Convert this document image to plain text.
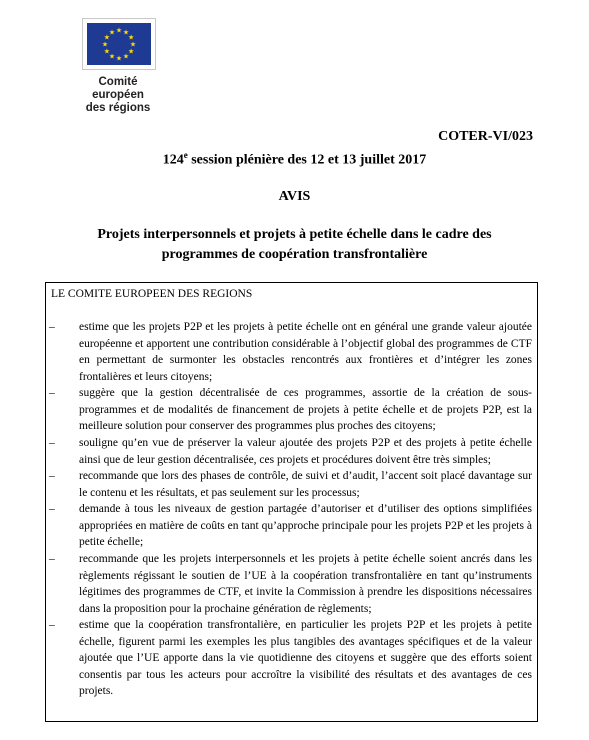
★ ★
★
★
★
★
★
★
★
★
★
★
Comité européen
des régions
COTER-VI/023
124e session plénière des 12 et 13 juillet 2017
AVIS
Projets interpersonnels et projets à petite échelle dans le cadre des
programmes de coopération transfrontalière
LE COMITE EUROPEEN DES REGIONS
– estime que les projets P2P et les projets à petite échelle ont en général une grande valeur ajoutée européenne et apportent une contribution considérable à l’objectif global des programmes de CTF en permettant de surmonter les obstacles rencontrés aux frontières et d’intégrer les zones frontalières et leurs citoyens;
– suggère que la gestion décentralisée de ces programmes, assortie de la création de sous-programmes et de modalités de financement de projets à petite échelle et de projets P2P, est la meilleure solution pour conserver des programmes plus proches des citoyens;
– souligne qu’en vue de préserver la valeur ajoutée des projets P2P et des projets à petite échelle ainsi que de leur gestion décentralisée, ces projets et procédures doivent être très simples;
– recommande que lors des phases de contrôle, de suivi et d’audit, l’accent soit placé davantage sur le contenu et les résultats, et pas seulement sur les processus;
– demande à tous les niveaux de gestion partagée d’autoriser et d’utiliser des options simplifiées appropriées en matière de coûts en tant qu’approche principale pour les projets P2P et les projets à petite échelle;
– recommande que les projets interpersonnels et les projets à petite échelle soient ancrés dans les règlements régissant le soutien de l’UE à la coopération transfrontalière en tant qu’instruments légitimes des programmes de CTF, et invite la Commission à prendre les dispositions nécessaires dans la proposition pour la prochaine génération de règlements;
– estime que la coopération transfrontalière, en particulier les projets P2P et les projets à petite échelle, figurent parmi les exemples les plus tangibles des avantages spécifiques et de la valeur ajoutée que l’UE apporte dans la vie quotidienne des citoyens et suggère que des efforts soient consentis par tous les acteurs pour accroître la visibilité des résultats et des avantages de ces projets.
